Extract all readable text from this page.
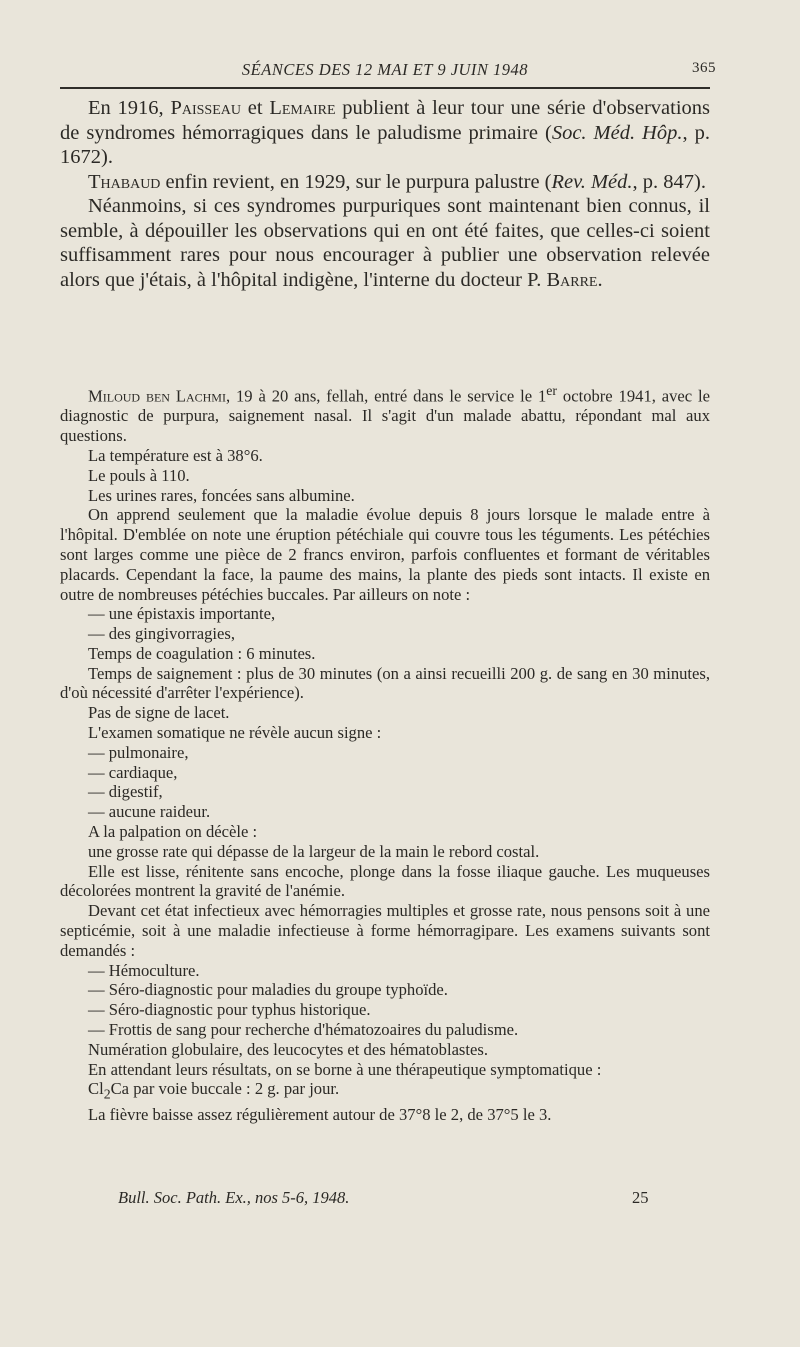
SÉANCES DES 12 MAI ET 9 JUIN 1948	365

En 1916, Paisseau et Lemaire publient à leur tour une série d'observations de syndromes hémorragiques dans le paludisme primaire (Soc. Méd. Hôp., p. 1672).

Thabaud enfin revient, en 1929, sur le purpura palustre (Rev. Méd., p. 847).

Néanmoins, si ces syndromes purpuriques sont maintenant bien connus, il semble, à dépouiller les observations qui en ont été faites, que celles-ci soient suffisamment rares pour nous encourager à publier une observation relevée alors que j'étais, à l'hôpital indigène, l'interne du docteur P. Barre.

Miloud ben Lachmi, 19 à 20 ans, fellah, entré dans le service le 1er octobre 1941, avec le diagnostic de purpura, saignement nasal. Il s'agit d'un malade abattu, répondant mal aux questions.

La température est à 38°6.

Le pouls à 110.

Les urines rares, foncées sans albumine.

On apprend seulement que la maladie évolue depuis 8 jours lorsque le malade entre à l'hôpital. D'emblée on note une éruption pétéchiale qui couvre tous les téguments. Les pétéchies sont larges comme une pièce de 2 francs environ, parfois confluentes et formant de véritables placards. Cependant la face, la paume des mains, la plante des pieds sont intacts. Il existe en outre de nombreuses pétéchies buccales. Par ailleurs on note :

— une épistaxis importante,

— des gingivorragies,

Temps de coagulation : 6 minutes.

Temps de saignement : plus de 30 minutes (on a ainsi recueilli 200 g. de sang en 30 minutes, d'où nécessité d'arrêter l'expérience).

Pas de signe de lacet.

L'examen somatique ne révèle aucun signe :

— pulmonaire,

— cardiaque,

— digestif,

— aucune raideur.

A la palpation on décèle :

une grosse rate qui dépasse de la largeur de la main le rebord costal.

Elle est lisse, rénitente sans encoche, plonge dans la fosse iliaque gauche. Les muqueuses décolorées montrent la gravité de l'anémie.

Devant cet état infectieux avec hémorragies multiples et grosse rate, nous pensons soit à une septicémie, soit à une maladie infectieuse à forme hémorragipare. Les examens suivants sont demandés :

— Hémoculture.

— Séro-diagnostic pour maladies du groupe typhoïde.

— Séro-diagnostic pour typhus historique.

— Frottis de sang pour recherche d'hématozoaires du paludisme.

Numération globulaire, des leucocytes et des hématoblastes.

En attendant leurs résultats, on se borne à une thérapeutique symptomatique :

$Cl_2Ca$ par voie buccale : 2 g. par jour.

La fièvre baisse assez régulièrement autour de 37°8 le 2, de 37°5 le 3.

Bull. Soc. Path. Ex., nos 5-6, 1948.	25
